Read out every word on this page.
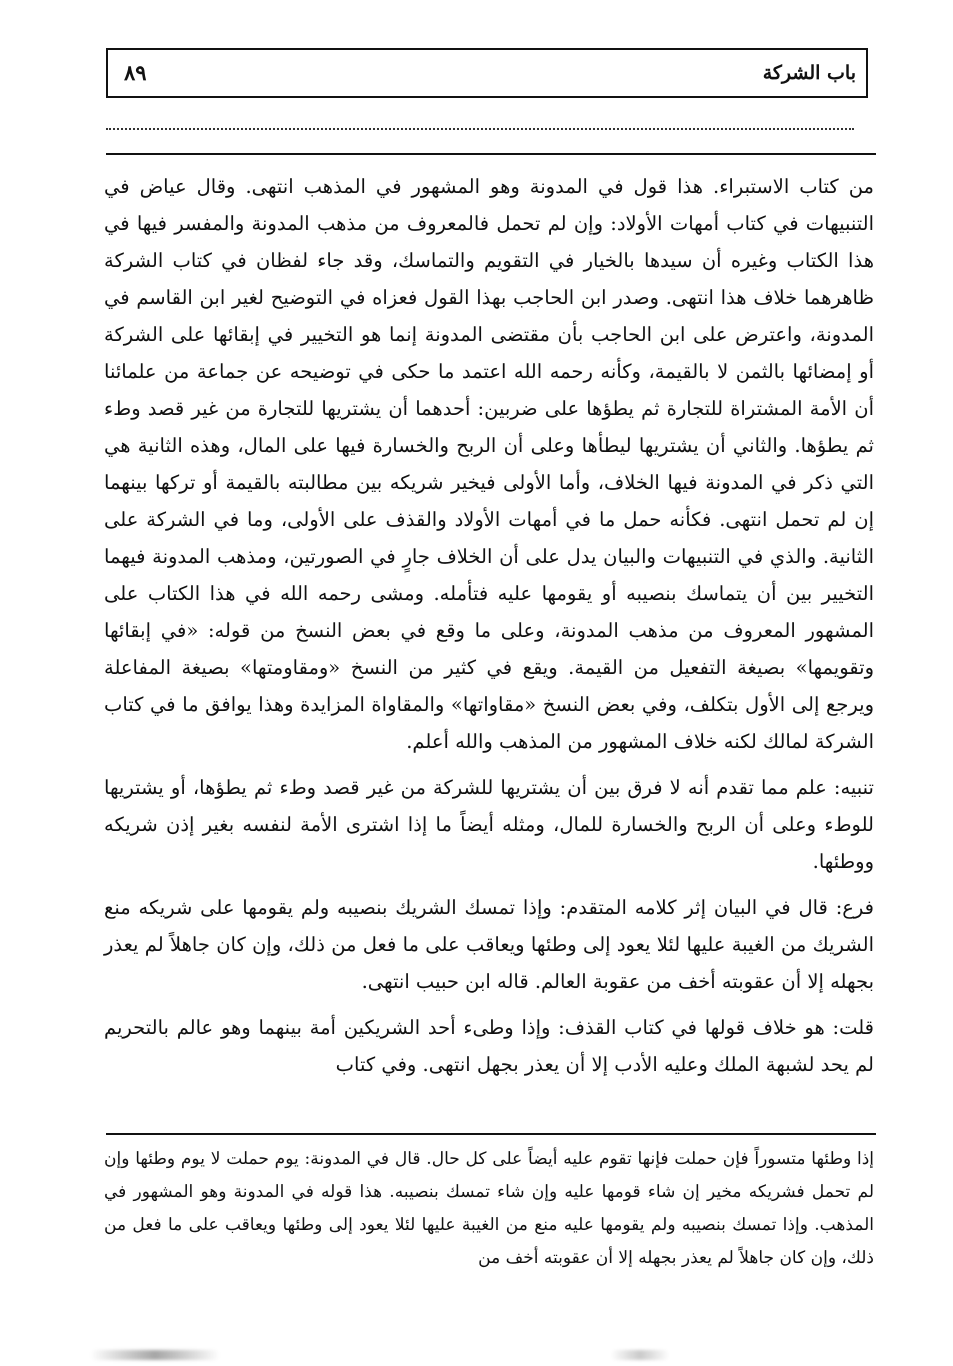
باب الشركة
٨٩

من كتاب الاستبراء. هذا قول في المدونة وهو المشهور في المذهب انتهى. وقال عياض في التنبيهات في كتاب أمهات الأولاد: وإن لم تحمل فالمعروف من مذهب المدونة والمفسر فيها في هذا الكتاب وغيره أن سيدها بالخيار في التقويم والتماسك، وقد جاء لفظان في كتاب الشركة ظاهرهما خلاف هذا انتهى. وصدر ابن الحاجب بهذا القول فعزاه في التوضيح لغير ابن القاسم في المدونة، واعترض على ابن الحاجب بأن مقتضى المدونة إنما هو التخيير في إبقائها على الشركة أو إمضائها بالثمن لا بالقيمة، وكأنه رحمه الله اعتمد ما حكى في توضيحه عن جماعة من علمائنا أن الأمة المشتراة للتجارة ثم يطؤها على ضربين: أحدهما أن يشتريها للتجارة من غير قصد وطء ثم يطؤها. والثاني أن يشتريها ليطأها وعلى أن الربح والخسارة فيها على المال، وهذه الثانية هي التي ذكر في المدونة فيها الخلاف، وأما الأولى فيخير شريكه بين مطالبته بالقيمة أو تركها بينهما إن لم تحمل انتهى. فكأنه حمل ما في أمهات الأولاد والقذف على الأولى، وما في الشركة على الثانية. والذي في التنبيهات والبيان يدل على أن الخلاف جارٍ في الصورتين، ومذهب المدونة فيهما التخيير بين أن يتماسك بنصيبه أو يقومها عليه فتأمله. ومشى رحمه الله في هذا الكتاب على المشهور المعروف من مذهب المدونة، وعلى ما وقع في بعض النسخ من قوله: «في إبقائها وتقويمها» بصيغة التفعيل من القيمة. ويقع في كثير من النسخ «ومقاومتها» بصيغة المفاعلة ويرجع إلى الأول بتكلف، وفي بعض النسخ «مقاواتها» والمقاواة المزايدة وهذا يوافق ما في كتاب الشركة لمالك لكنه خلاف المشهور من المذهب والله أعلم.

تنبيه: علم مما تقدم أنه لا فرق بين أن يشتريها للشركة من غير قصد وطء ثم يطؤها، أو يشتريها للوطء وعلى أن الربح والخسارة للمال، ومثله أيضاً ما إذا اشترى الأمة لنفسه بغير إذن شريكه ووطئها.

فرع: قال في البيان إثر كلامه المتقدم: وإذا تمسك الشريك بنصيبه ولم يقومها على شريكه منع الشريك من الغيبة عليها لئلا يعود إلى وطئها ويعاقب على ما فعل من ذلك، وإن كان جاهلاً لم يعذر بجهله إلا أن عقوبته أخف من عقوبة العالم. قاله ابن حبيب انتهى.

قلت: هو خلاف قولها في كتاب القذف: وإذا وطىء أحد الشريكين أمة بينهما وهو عالم بالتحريم لم يحد لشبهة الملك وعليه الأدب إلا أن يعذر بجهل انتهى. وفي كتاب

إذا وطئها متسوراً فإن حملت فإنها تقوم عليه أيضاً على كل حال. قال في المدونة: يوم حملت لا يوم وطئها وإن لم تحمل فشريكه مخير إن شاء قومها عليه وإن شاء تمسك بنصيبه. هذا قوله في المدونة وهو المشهور في المذهب. وإذا تمسك بنصيبه ولم يقومها عليه منع من الغيبة عليها لئلا يعود إلى وطئها ويعاقب على ما فعل من ذلك، وإن كان جاهلاً لم يعذر بجهله إلا أن عقوبته أخف من
